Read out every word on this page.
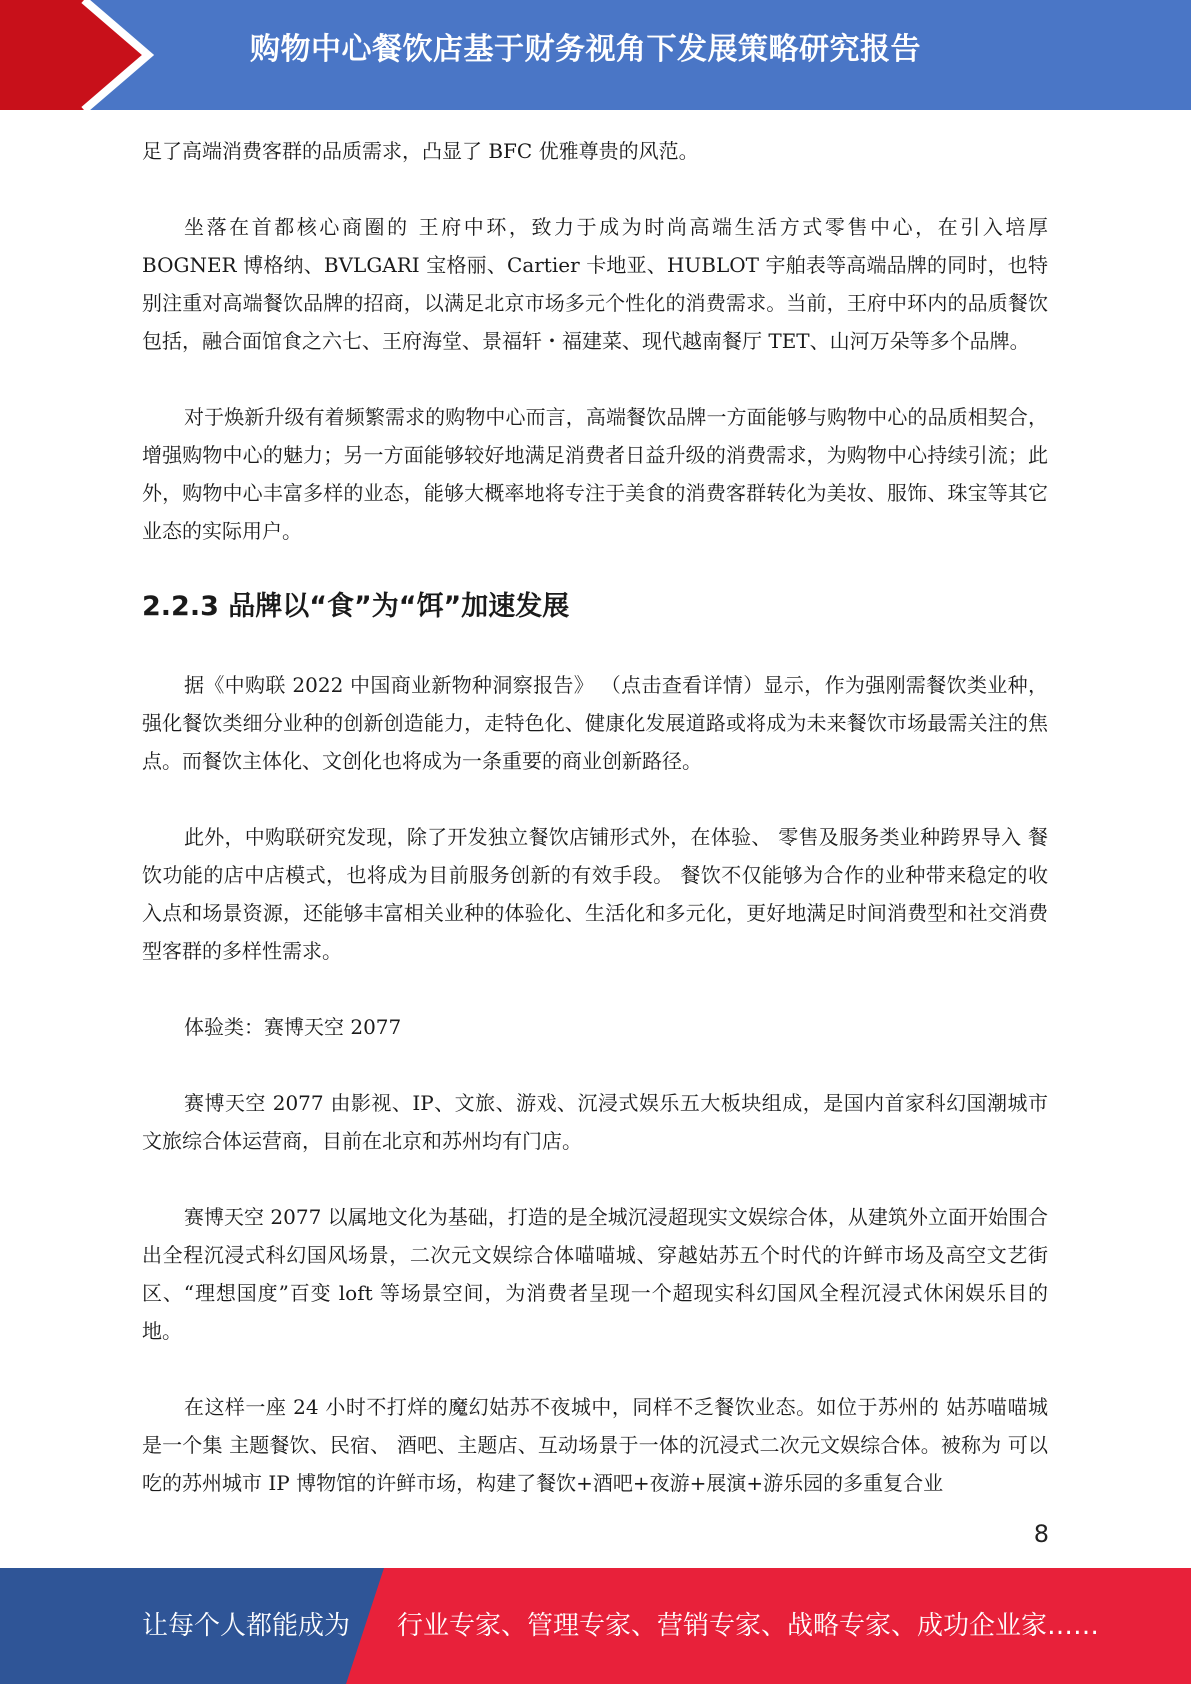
购物中心餐饮店基于财务视角下发展策略研究报告

足了高端消费客群的品质需求，凸显了 BFC 优雅尊贵的风范。

坐落在首都核心商圈的 王府中环，致力于成为时尚高端生活方式零售中心，在引入培厚 BOGNER 博格纳、BVLGARI 宝格丽、Cartier 卡地亚、HUBLOT 宇舶表等高端品牌的同时，也特别注重对高端餐饮品牌的招商，以满足北京市场多元个性化的消费需求。当前，王府中环内的品质餐饮包括，融合面馆食之六七、王府海堂、景福轩・福建菜、现代越南餐厅 TET、山河万朵等多个品牌。

对于焕新升级有着频繁需求的购物中心而言，高端餐饮品牌一方面能够与购物中心的品质相契合，增强购物中心的魅力；另一方面能够较好地满足消费者日益升级的消费需求，为购物中心持续引流；此外，购物中心丰富多样的业态，能够大概率地将专注于美食的消费客群转化为美妆、服饰、珠宝等其它业态的实际用户。

2.2.3 品牌以“食”为“饵”加速发展

据《中购联 2022 中国商业新物种洞察报告》 （点击查看详情）显示，作为强刚需餐饮类业种，强化餐饮类细分业种的创新创造能力，走特色化、健康化发展道路或将成为未来餐饮市场最需关注的焦点。而餐饮主体化、文创化也将成为一条重要的商业创新路径。

此外，中购联研究发现，除了开发独立餐饮店铺形式外，在体验、 零售及服务类业种跨界导入 餐饮功能的店中店模式，也将成为目前服务创新的有效手段。 餐饮不仅能够为合作的业种带来稳定的收入点和场景资源，还能够丰富相关业种的体验化、生活化和多元化，更好地满足时间消费型和社交消费型客群的多样性需求。

体验类：赛博天空 2077

赛博天空 2077 由影视、IP、文旅、游戏、沉浸式娱乐五大板块组成，是国内首家科幻国潮城市文旅综合体运营商，目前在北京和苏州均有门店。

赛博天空 2077 以属地文化为基础，打造的是全城沉浸超现实文娱综合体，从建筑外立面开始围合出全程沉浸式科幻国风场景，二次元文娱综合体喵喵城、穿越姑苏五个时代的许鲜市场及高空文艺街区、“理想国度”百变 loft 等场景空间，为消费者呈现一个超现实科幻国风全程沉浸式休闲娱乐目的地。

在这样一座 24 小时不打烊的魔幻姑苏不夜城中，同样不乏餐饮业态。如位于苏州的 姑苏喵喵城是一个集 主题餐饮、民宿、 酒吧、主题店、互动场景于一体的沉浸式二次元文娱综合体。被称为 可以吃的苏州城市 IP 博物馆的许鲜市场，构建了餐饮+酒吧+夜游+展演+游乐园的多重复合业

8
让每个人都能成为 行业专家、管理专家、营销专家、战略专家、成功企业家……
